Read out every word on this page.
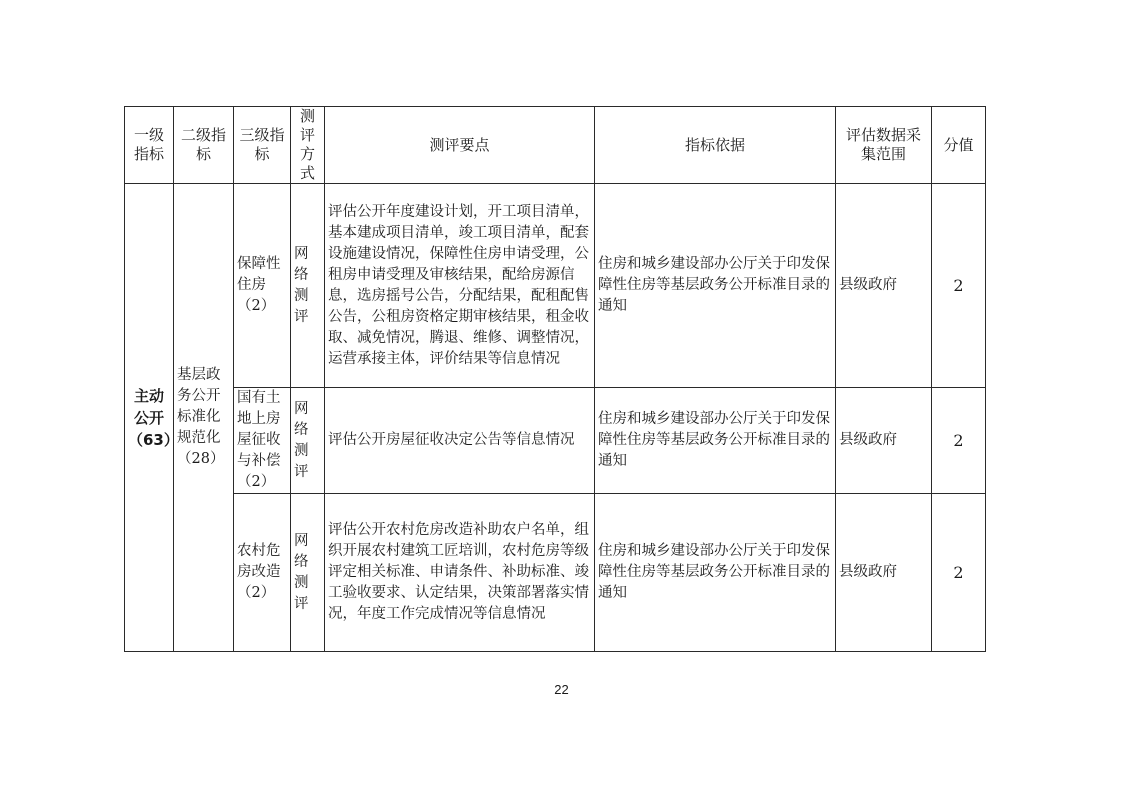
一级指标	二级指标	三级指标	测评方式	测评要点	指标依据	评估数据采集范围	分值
主动公开（63）	基层政务公开标准化规范化（28）	保障性住房（2）	网络测评	评估公开年度建设计划，开工项目清单，基本建成项目清单，竣工项目清单，配套设施建设情况，保障性住房申请受理，公租房申请受理及审核结果，配给房源信息，选房摇号公告，分配结果，配租配售公告，公租房资格定期审核结果，租金收取、减免情况，腾退、维修、调整情况，运营承接主体，评价结果等信息情况	住房和城乡建设部办公厅关于印发保障性住房等基层政务公开标准目录的通知	县级政府	2
		国有土地上房屋征收与补偿（2）	网络测评	评估公开房屋征收决定公告等信息情况	住房和城乡建设部办公厅关于印发保障性住房等基层政务公开标准目录的通知	县级政府	2
		农村危房改造（2）	网络测评	评估公开农村危房改造补助农户名单，组织开展农村建筑工匠培训，农村危房等级评定相关标准、申请条件、补助标准、竣工验收要求、认定结果，决策部署落实情况，年度工作完成情况等信息情况	住房和城乡建设部办公厅关于印发保障性住房等基层政务公开标准目录的通知	县级政府	2
22
